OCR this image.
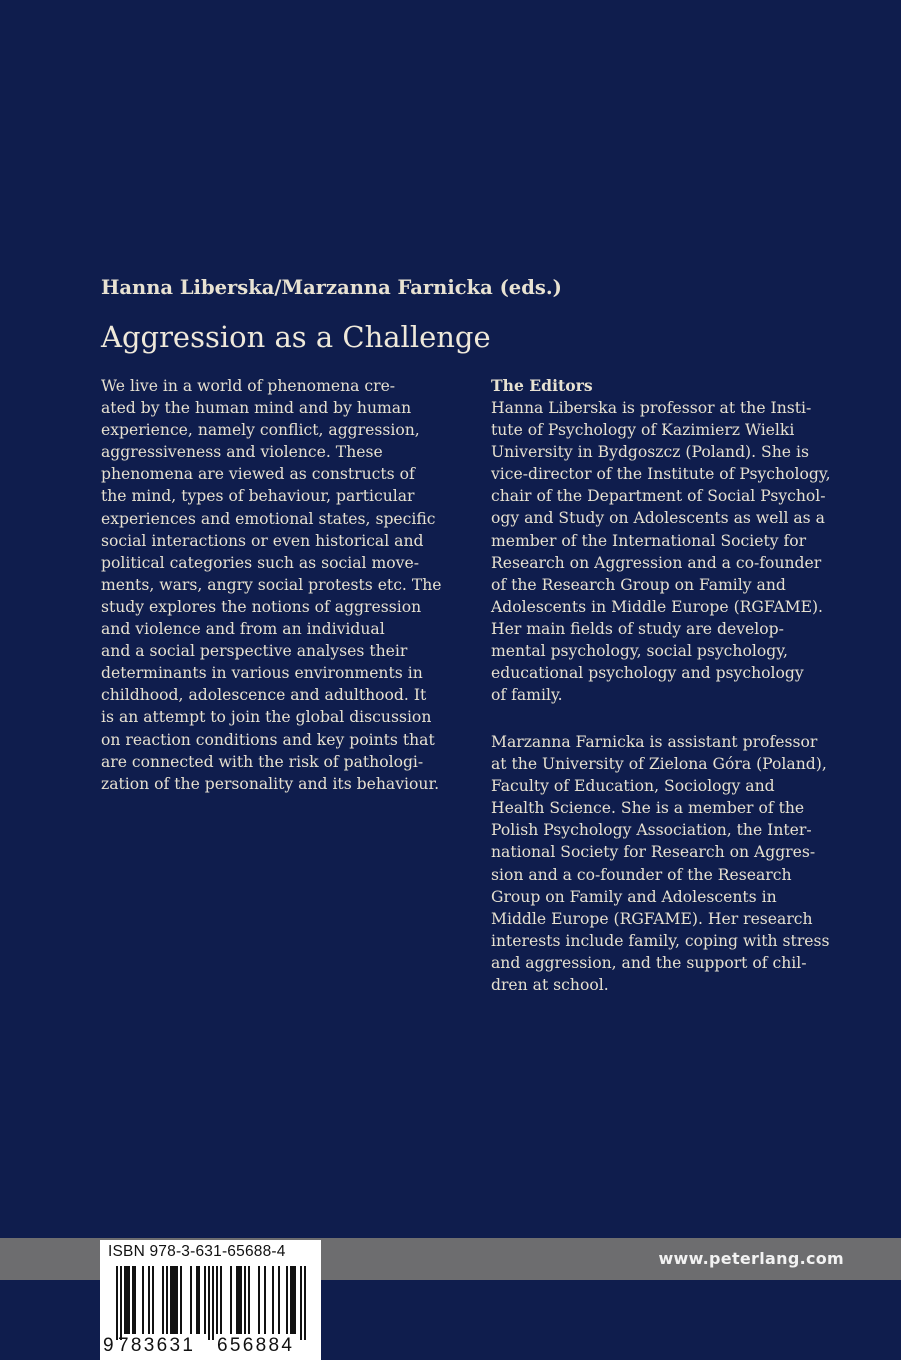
Hanna Liberska/Marzanna Farnicka (eds.)
Aggression as a Challenge

We live in a world of phenomena cre-
ated by the human mind and by human
experience, namely conflict, aggression,
aggressiveness and violence. These
phenomena are viewed as constructs of
the mind, types of behaviour, particular
experiences and emotional states, specific
social interactions or even historical and
political categories such as social move-
ments, wars, angry social protests etc. The
study explores the notions of aggression
and violence and from an individual
and a social perspective analyses their
determinants in various environments in
childhood, adolescence and adulthood. It
is an attempt to join the global discussion
on reaction conditions and key points that
are connected with the risk of pathologi-
zation of the personality and its behaviour.

The Editors

Hanna Liberska is professor at the Insti-
tute of Psychology of Kazimierz Wielki
University in Bydgoszcz (Poland). She is
vice-director of the Institute of Psychology,
chair of the Department of Social Psychol-
ogy and Study on Adolescents as well as a
member of the International Society for
Research on Aggression and a co-founder
of the Research Group on Family and
Adolescents in Middle Europe (RGFAME).
Her main fields of study are develop-
mental psychology, social psychology,
educational psychology and psychology
of family.

Marzanna Farnicka is assistant professor
at the University of Zielona Góra (Poland),
Faculty of Education, Sociology and
Health Science. She is a member of the
Polish Psychology Association, the Inter-
national Society for Research on Aggres-
sion and a co-founder of the Research
Group on Family and Adolescents in
Middle Europe (RGFAME). Her research
interests include family, coping with stress
and aggression, and the support of chil-
dren at school.

www.peterlang.com
ISBN 978-3-631-65688-4
9 783631 656884
